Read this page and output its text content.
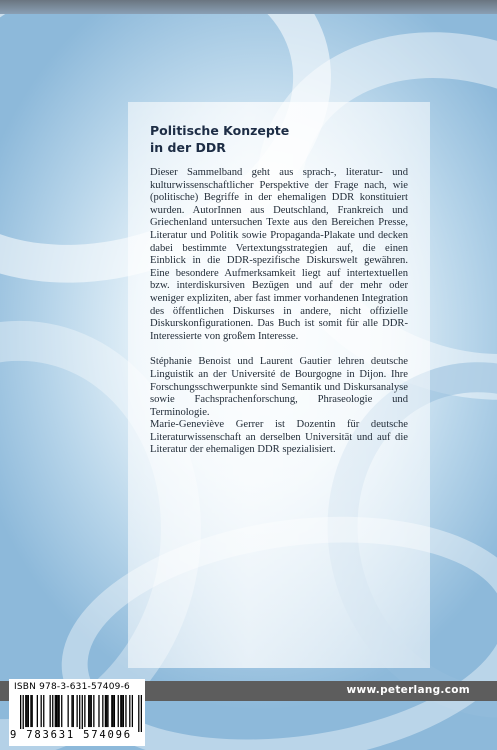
Politische Konzepte
in der DDR

Dieser Sammelband geht aus sprach-, literatur- und kulturwissenschaftlicher Perspektive der Frage nach, wie (politische) Begriffe in der ehemaligen DDR konstituiert wurden. AutorInnen aus Deutschland, Frankreich und Griechenland untersuchen Texte aus den Bereichen Presse, Literatur und Politik sowie Propaganda-Plakate und decken dabei bestimmte Vertextungsstrategien auf, die einen Einblick in die DDR-spezifische Diskurswelt gewähren. Eine besondere Aufmerksamkeit liegt auf intertextuellen bzw. interdiskursiven Bezügen und auf der mehr oder weniger expliziten, aber fast immer vorhandenen Integration des öffentlichen Diskurses in andere, nicht offizielle Diskurskonfigurationen. Das Buch ist somit für alle DDR-Interessierte von großem Interesse.

Stéphanie Benoist und Laurent Gautier lehren deutsche Linguistik an der Université de Bourgogne in Dijon. Ihre Forschungsschwerpunkte sind Semantik und Diskursanalyse sowie Fachsprachenforschung, Phraseologie und Terminologie.

Marie-Geneviève Gerrer ist Dozentin für deutsche Literaturwissenschaft an derselben Universität und auf die Literatur der ehemaligen DDR spezialisiert.

www.peterlang.com
ISBN 978-3-631-57409-6
9 783631 574096
